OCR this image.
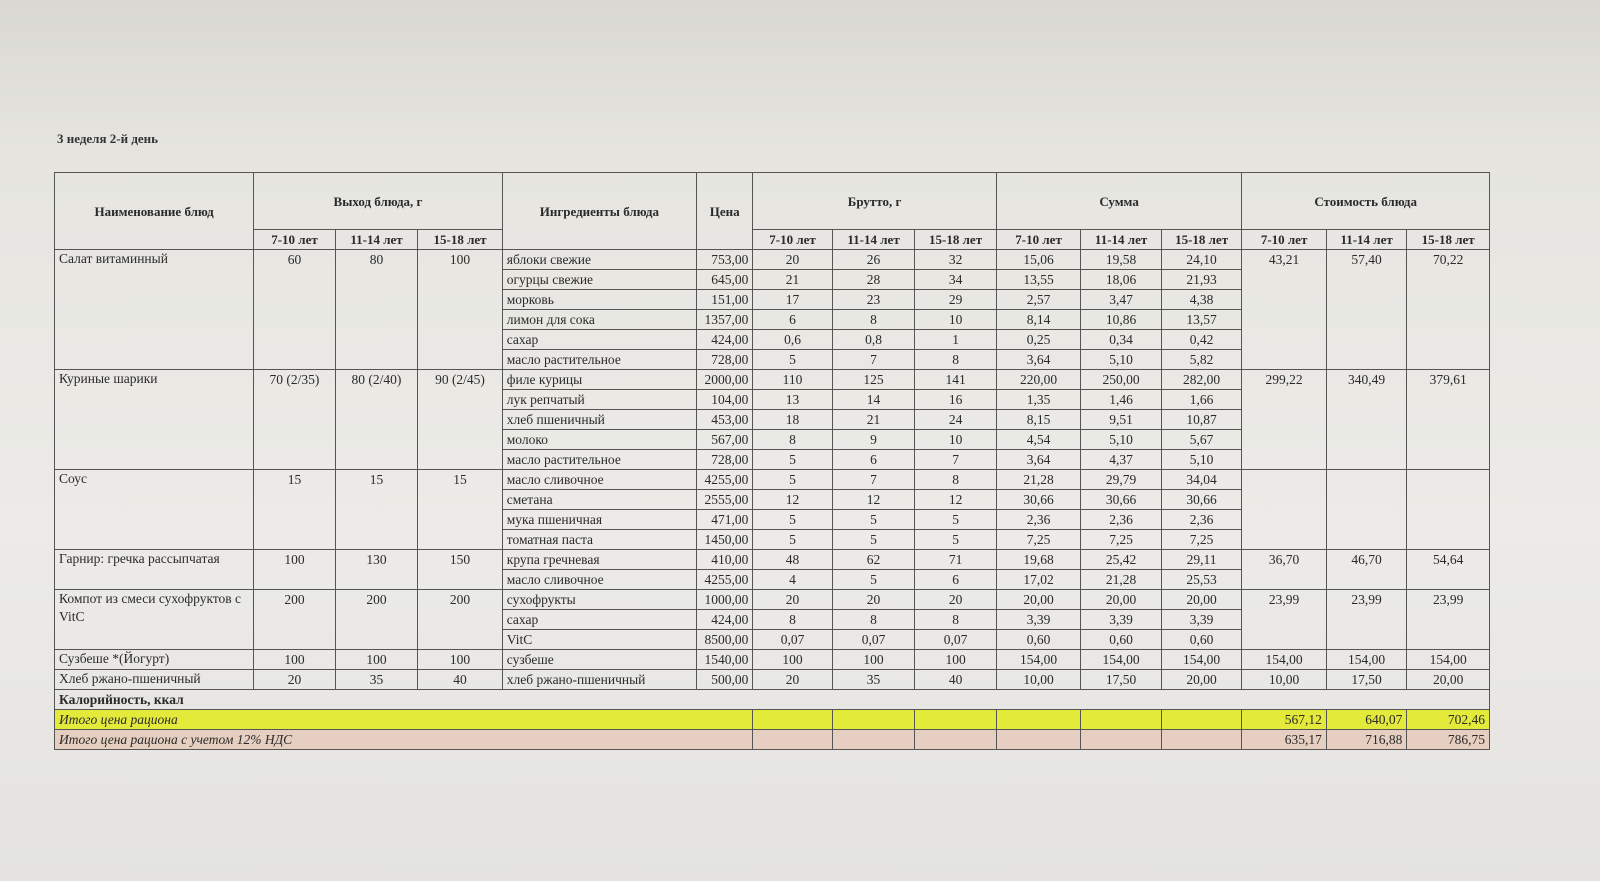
3 неделя 2-й день
Наименование блюд	Выход блюда, г			Ингредиенты блюда	Цена	Брутто, г			Сумма			Стоимость блюда		
	7-10 лет	11-14 лет	15-18 лет			7-10 лет	11-14 лет	15-18 лет	7-10 лет	11-14 лет	15-18 лет	7-10 лет	11-14 лет	15-18 лет
Салат витаминный	60	80	100	яблоки свежие	753,00	20	26	32	15,06	19,58	24,10	43,21	57,40	70,22
				огурцы свежие	645,00	21	28	34	13,55	18,06	21,93			
				морковь	151,00	17	23	29	2,57	3,47	4,38			
				лимон для сока	1357,00	6	8	10	8,14	10,86	13,57			
				сахар	424,00	0,6	0,8	1	0,25	0,34	0,42			
				масло растительное	728,00	5	7	8	3,64	5,10	5,82			
Куриные шарики	70 (2/35)	80 (2/40)	90 (2/45)	филе курицы	2000,00	110	125	141	220,00	250,00	282,00	299,22	340,49	379,61
				лук репчатый	104,00	13	14	16	1,35	1,46	1,66			
				хлеб пшеничный	453,00	18	21	24	8,15	9,51	10,87			
				молоко	567,00	8	9	10	4,54	5,10	5,67			
				масло растительное	728,00	5	6	7	3,64	4,37	5,10			
Соус	15	15	15	масло сливочное	4255,00	5	7	8	21,28	29,79	34,04			
				сметана	2555,00	12	12	12	30,66	30,66	30,66			
				мука пшеничная	471,00	5	5	5	2,36	2,36	2,36			
				томатная паста	1450,00	5	5	5	7,25	7,25	7,25			
Гарнир: гречка рассыпчатая	100	130	150	крупа гречневая	410,00	48	62	71	19,68	25,42	29,11	36,70	46,70	54,64
				масло сливочное	4255,00	4	5	6	17,02	21,28	25,53			
Компот из смеси сухофруктов с VitC	200	200	200	сухофрукты	1000,00	20	20	20	20,00	20,00	20,00	23,99	23,99	23,99
				сахар	424,00	8	8	8	3,39	3,39	3,39			
				VitC	8500,00	0,07	0,07	0,07	0,60	0,60	0,60			
Сузбеше *(Йогурт)	100	100	100	сузбеше	1540,00	100	100	100	154,00	154,00	154,00	154,00	154,00	154,00
Хлеб ржано-пшеничный	20	35	40	хлеб ржано-пшеничный	500,00	20	35	40	10,00	17,50	20,00	10,00	17,50	20,00
Калорийность, ккал														
Итого цена рациона												567,12	640,07	702,46
Итого цена рациона с учетом 12% НДС												635,17	716,88	786,75
